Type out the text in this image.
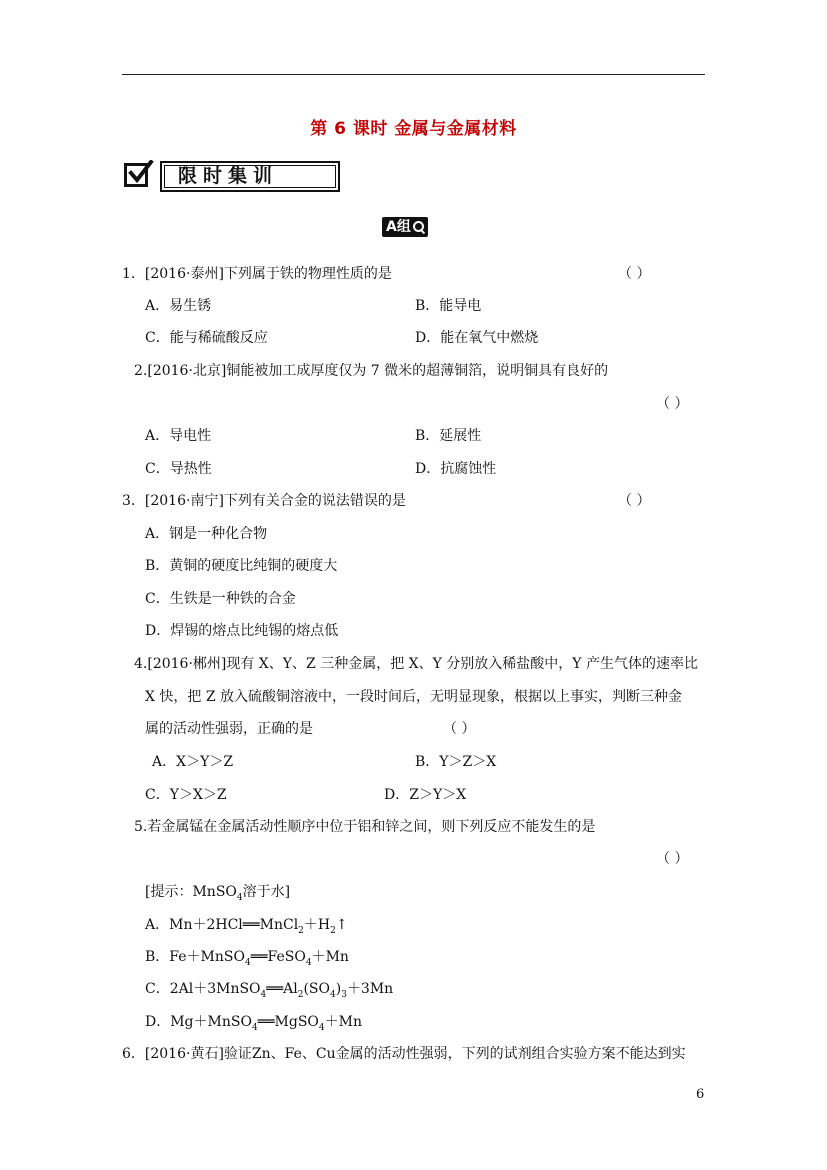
第 6 课时 金属与金属材料
限时集训
A组
1．[2016·泰州]下列属于铁的物理性质的是	（ ）
A．易生锈	B．能导电
C．能与稀硫酸反应	D．能在氧气中燃烧
2.[2016·北京]铜能被加工成厚度仅为 7 微米的超薄铜箔，说明铜具有良好的
（ ）
A．导电性	B．延展性
C．导热性	D．抗腐蚀性
3．[2016·南宁]下列有关合金的说法错误的是	（ ）
A．钢是一种化合物
B．黄铜的硬度比纯铜的硬度大
C．生铁是一种铁的合金
D．焊锡的熔点比纯锡的熔点低
4.[2016·郴州]现有 X、Y、Z 三种金属，把 X、Y 分别放入稀盐酸中，Y 产生气体的速率比
X 快，把 Z 放入硫酸铜溶液中，一段时间后，无明显现象，根据以上事实，判断三种金
属的活动性强弱，正确的是	（ ）
A．X＞Y＞Z	B．Y＞Z＞X
C．Y＞X＞Z	D．Z＞Y＞X
5.若金属锰在金属活动性顺序中位于铝和锌之间，则下列反应不能发生的是
（ ）
[提示：MnSO$_4$溶于水]
A．$Mn+2HCl══MnCl_2+H_2↑$
B．Fe＋MnSO$_4$══FeSO$_4$＋Mn
C．$2Al+3MnSO_4══Al_2(SO_4)_3+3Mn$
D．Mg＋MnSO$_4$══MgSO$_4$＋Mn
6．[2016·黄石]验证Zn、Fe、Cu金属的活动性强弱，下列的试剂组合实验方案不能达到实
6
